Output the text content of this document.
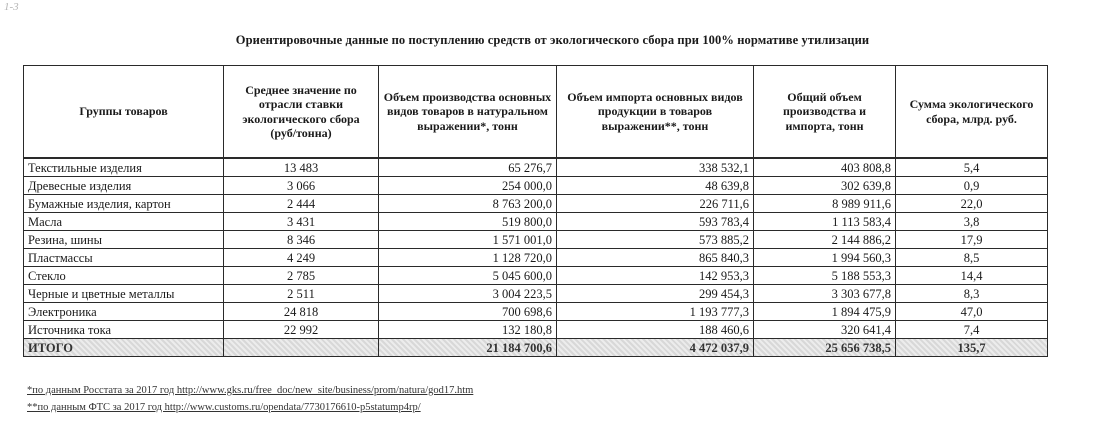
1-3
Ориентировочные данные по поступлению средств от экологического сбора при 100% нормативе утилизации
Группы товаров	Среднее значение по отрасли ставки экологического сбора (руб/тонна)	Объем производства основных видов товаров в натуральном выражении*, тонн	Объем импорта основных видов продукции в товаров выражении**, тонн	Общий объем производства и импорта, тонн	Сумма экологического сбора, млрд. руб.
Текстильные изделия	13 483	65 276,7	338 532,1	403 808,8	5,4
Древесные изделия	3 066	254 000,0	48 639,8	302 639,8	0,9
Бумажные изделия, картон	2 444	8 763 200,0	226 711,6	8 989 911,6	22,0
Масла	3 431	519 800,0	593 783,4	1 113 583,4	3,8
Резина, шины	8 346	1 571 001,0	573 885,2	2 144 886,2	17,9
Пластмассы	4 249	1 128 720,0	865 840,3	1 994 560,3	8,5
Стекло	2 785	5 045 600,0	142 953,3	5 188 553,3	14,4
Черные и цветные металлы	2 511	3 004 223,5	299 454,3	3 303 677,8	8,3
Электроника	24 818	700 698,6	1 193 777,3	1 894 475,9	47,0
Источника тока	22 992	132 180,8	188 460,6	320 641,4	7,4
ИТОГО		21 184 700,6	4 472 037,9	25 656 738,5	135,7
*по данным Росстата за 2017 год http://www.gks.ru/free_doc/new_site/business/prom/natura/god17.htm
**по данным ФТС за 2017 год http://www.customs.ru/opendata/7730176610-p5statump4rp/
